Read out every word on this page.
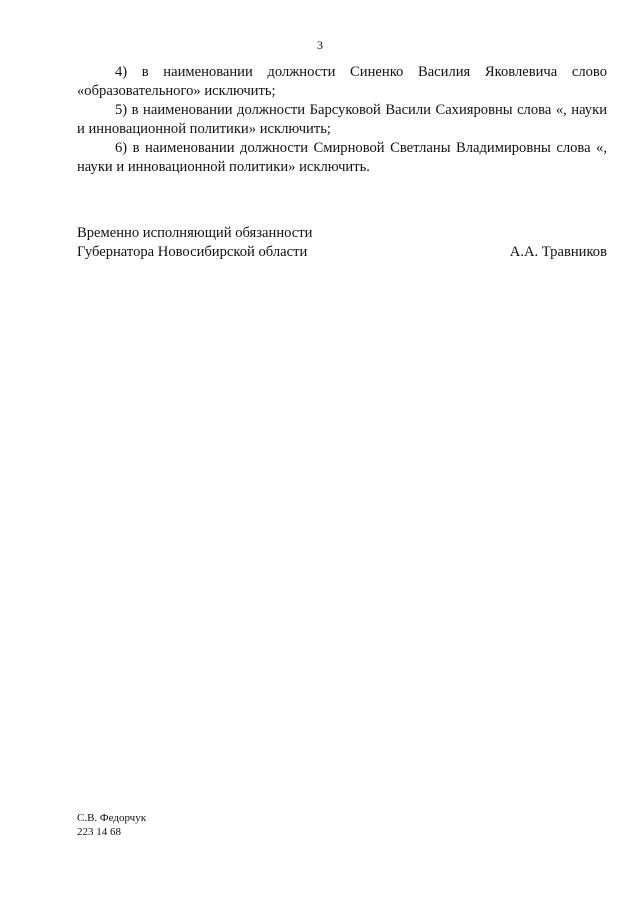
3
4) в наименовании должности Синенко Василия Яковлевича слово «образовательного» исключить;
5) в наименовании должности Барсуковой Васили Сахияровны слова «, науки и инновационной политики» исключить;
6) в наименовании должности Смирновой Светланы Владимировны слова «, науки и инновационной политики» исключить.
Временно исполняющий обязанности
Губернатора Новосибирской области	А.А. Травников
С.В. Федорчук
223 14 68
